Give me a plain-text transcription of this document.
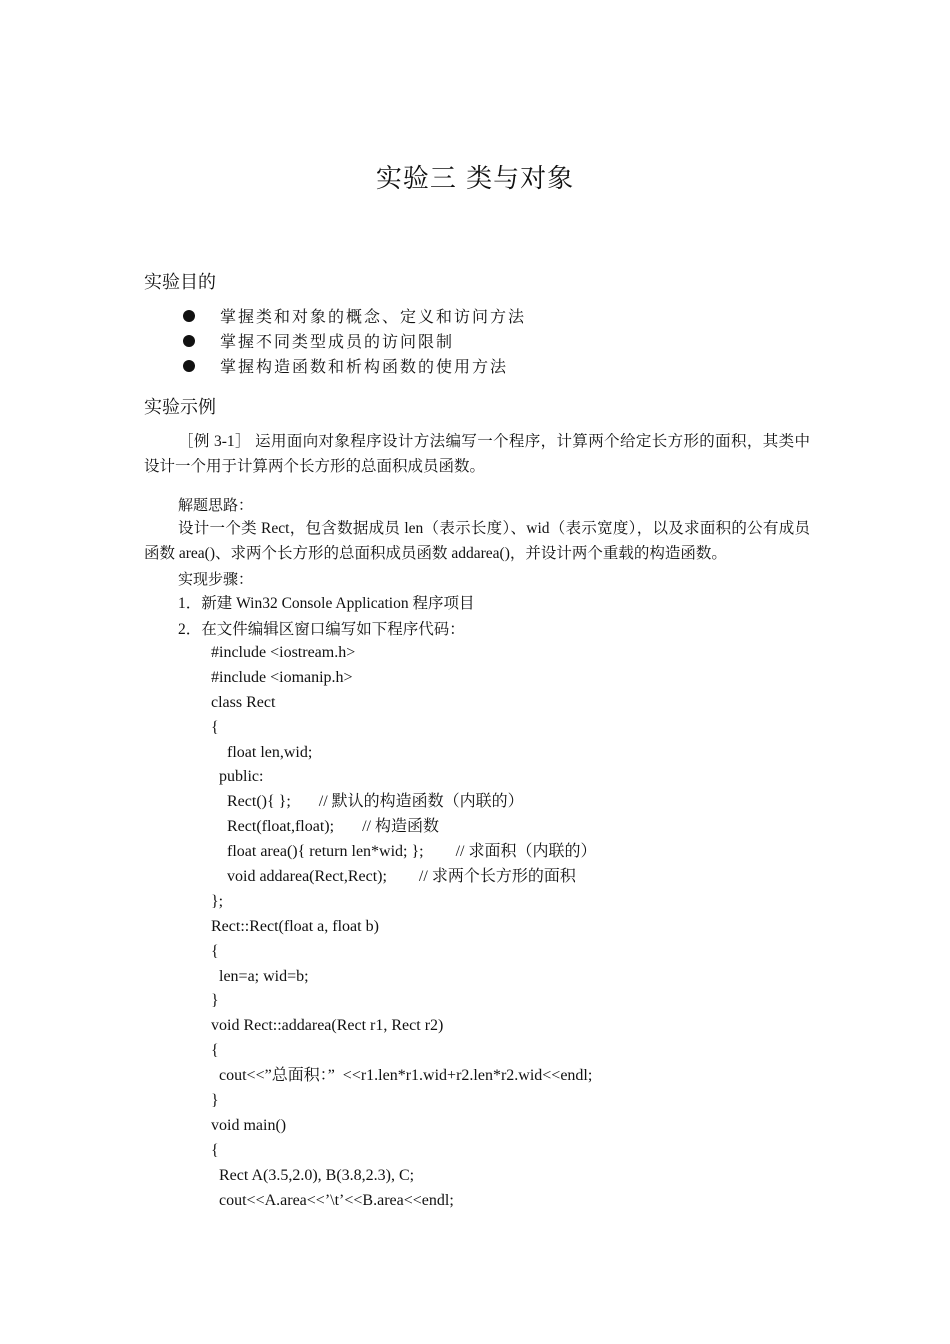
实验三 类与对象
实验目的
掌握类和对象的概念、定义和访问方法
掌握不同类型成员的访问限制
掌握构造函数和析构函数的使用方法
实验示例
［例 3-1］ 运用面向对象程序设计方法编写一个程序，计算两个给定长方形的面积，其类中设计一个用于计算两个长方形的总面积成员函数。
解题思路：
设计一个类 Rect，包含数据成员 len（表示长度）、wid（表示宽度），以及求面积的公有成员函数 area()、求两个长方形的总面积成员函数 addarea()，并设计两个重载的构造函数。
实现步骤：
1．新建 Win32 Console Application 程序项目
2．在文件编辑区窗口编写如下程序代码：
#include <iostream.h>
#include <iomanip.h>
class Rect
{
float len,wid;
public:
Rect(){ };       // 默认的构造函数（内联的）
Rect(float,float);       // 构造函数
float area(){ return len*wid; };        // 求面积（内联的）
void addarea(Rect,Rect);        // 求两个长方形的面积
};
Rect::Rect(float a, float b)
{
len=a; wid=b;
}
void Rect::addarea(Rect r1, Rect r2)
{
cout<<”总面积：”  <<r1.len*r1.wid+r2.len*r2.wid<<endl;
}
void main()
{
Rect A(3.5,2.0), B(3.8,2.3), C;
cout<<A.area<<’\t’<<B.area<<endl;
